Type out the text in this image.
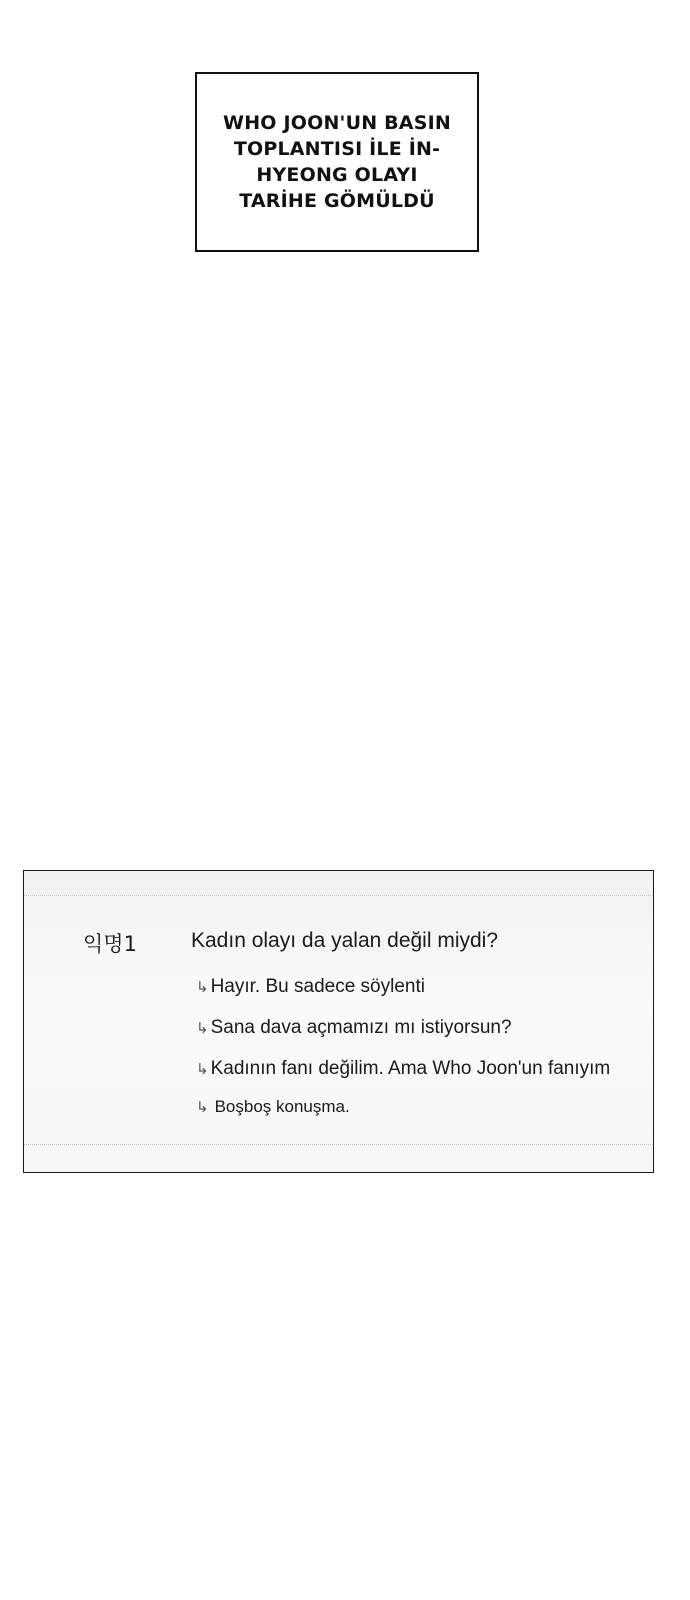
WHO JOON'UN BASIN TOPLANTISI İLE İN-HYEONG OLAYI TARİHE GÖMÜLDÜ
익명1	Kadın olayı da yalan değil miydi?
↳ Hayır. Bu sadece söylenti
↳ Sana dava açmamızı mı istiyorsun?
↳ Kadının fanı değilim. Ama Who Joon'un fanıyım
↳ Boşboş konuşma.
